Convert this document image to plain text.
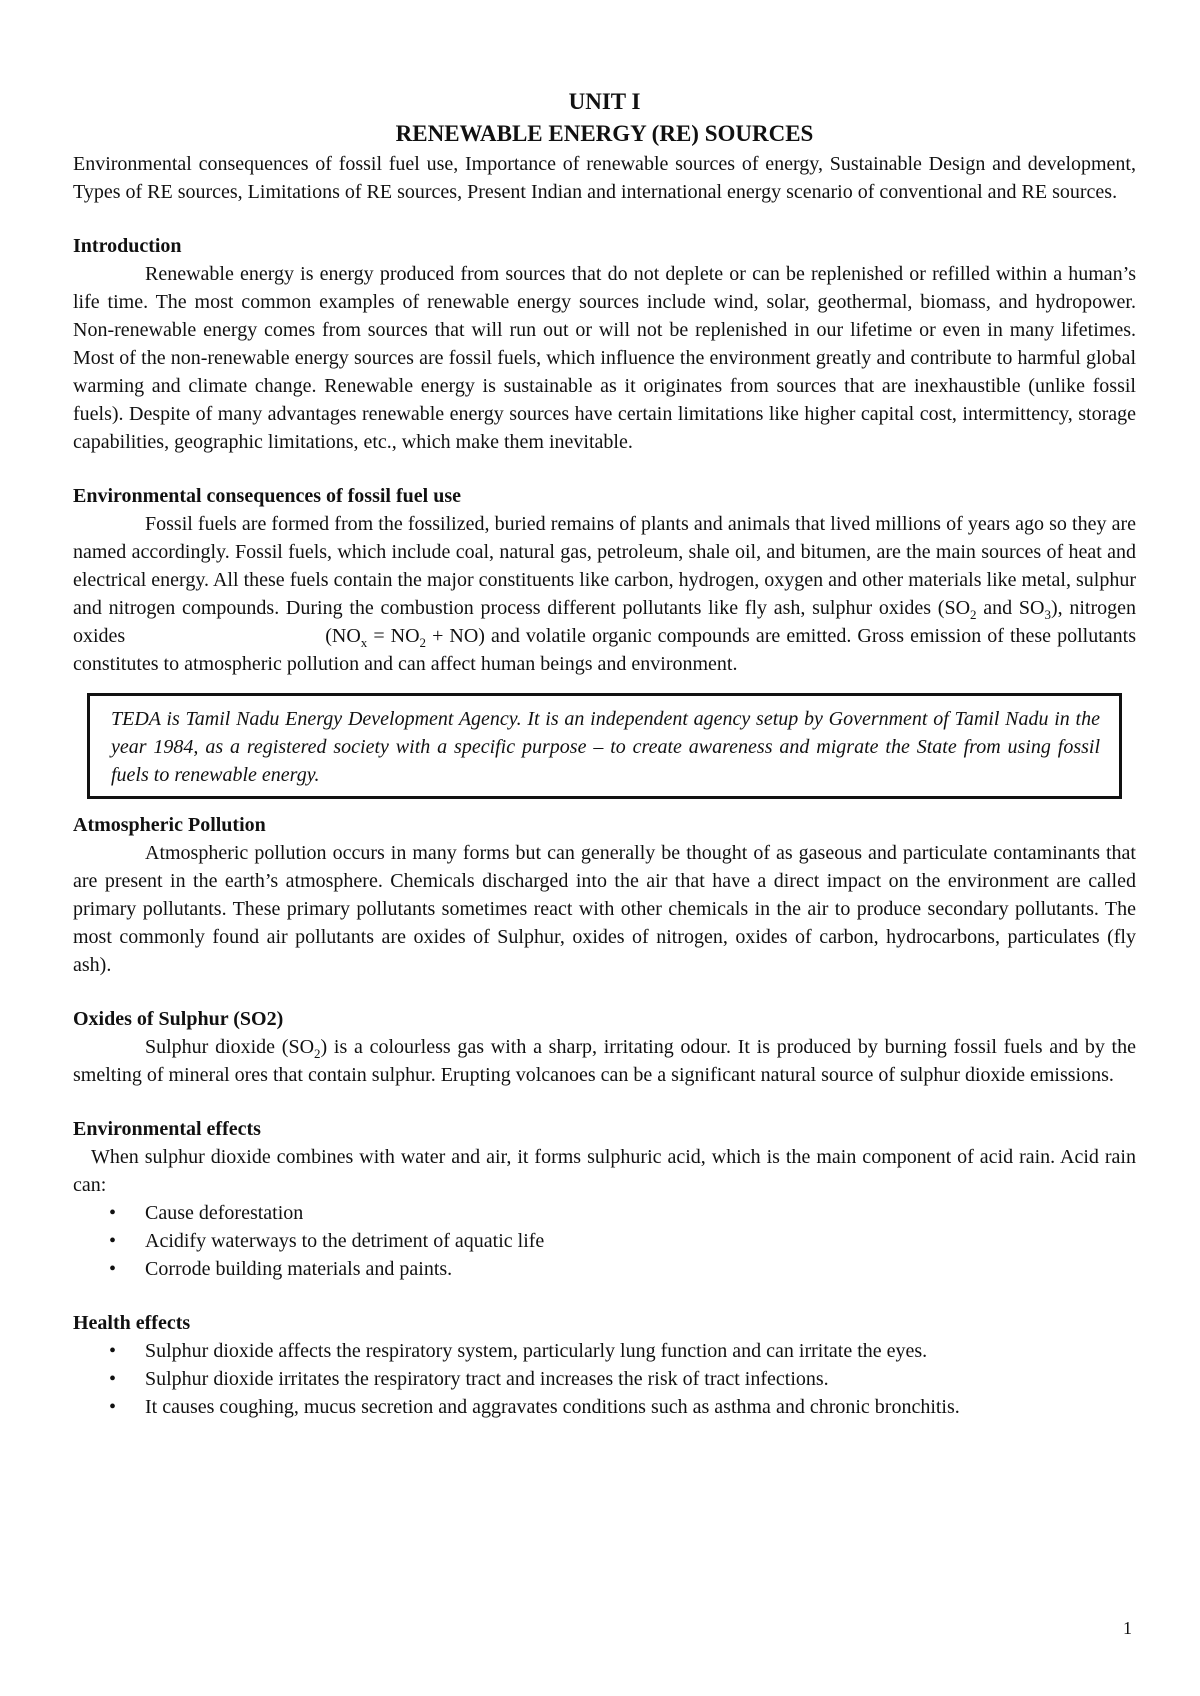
UNIT I
RENEWABLE ENERGY (RE) SOURCES

Environmental consequences of fossil fuel use, Importance of renewable sources of energy, Sustainable Design and development, Types of RE sources, Limitations of RE sources, Present Indian and international energy scenario of conventional and RE sources.

Introduction

Renewable energy is energy produced from sources that do not deplete or can be replenished or refilled within a human’s life time. The most common examples of renewable energy sources include wind, solar, geothermal, biomass, and hydropower. Non-renewable energy comes from sources that will run out or will not be replenished in our lifetime or even in many lifetimes. Most of the non-renewable energy sources are fossil fuels, which influence the environment greatly and contribute to harmful global warming and climate change. Renewable energy is sustainable as it originates from sources that are inexhaustible (unlike fossil fuels). Despite of many advantages renewable energy sources have certain limitations like higher capital cost, intermittency, storage capabilities, geographic limitations, etc., which make them inevitable.

Environmental consequences of fossil fuel use

Fossil fuels are formed from the fossilized, buried remains of plants and animals that lived millions of years ago so they are named accordingly. Fossil fuels, which include coal, natural gas, petroleum, shale oil, and bitumen, are the main sources of heat and electrical energy. All these fuels contain the major constituents like carbon, hydrogen, oxygen and other materials like metal, sulphur and nitrogen compounds. During the combustion process different pollutants like fly ash, sulphur oxides ($SO_2$ and $SO_3$), nitrogen oxides	$(NO_x = NO_2 + NO)$ and volatile organic compounds are emitted. Gross emission of these pollutants constitutes to atmospheric pollution and can affect human beings and environment.

TEDA is Tamil Nadu Energy Development Agency. It is an independent agency setup by Government of Tamil Nadu in the year 1984, as a registered society with a specific purpose – to create awareness and migrate the State from using fossil fuels to renewable energy.
Atmospheric Pollution

Atmospheric pollution occurs in many forms but can generally be thought of as gaseous and particulate contaminants that are present in the earth’s atmosphere. Chemicals discharged into the air that have a direct impact on the environment are called primary pollutants. These primary pollutants sometimes react with other chemicals in the air to produce secondary pollutants. The most commonly found air pollutants are oxides of Sulphur, oxides of nitrogen, oxides of carbon, hydrocarbons, particulates (fly ash).

Oxides of Sulphur (SO2)

Sulphur dioxide $(SO_2)$ is a colourless gas with a sharp, irritating odour. It is produced by burning fossil fuels and by the smelting of mineral ores that contain sulphur. Erupting volcanoes can be a significant natural source of sulphur dioxide emissions.

Environmental effects

When sulphur dioxide combines with water and air, it forms sulphuric acid, which is the main component of acid rain. Acid rain can:

• Cause deforestation
• Acidify waterways to the detriment of aquatic life
• Corrode building materials and paints.
Health effects
• Sulphur dioxide affects the respiratory system, particularly lung function and can irritate the eyes.
• Sulphur dioxide irritates the respiratory tract and increases the risk of tract infections.
• It causes coughing, mucus secretion and aggravates conditions such as asthma and chronic bronchitis.
1
